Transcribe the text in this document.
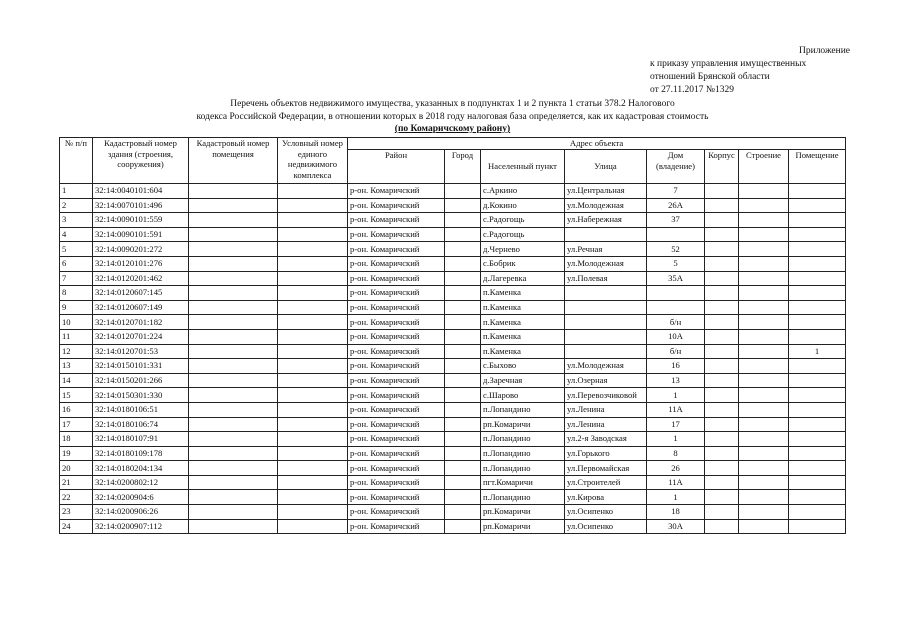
Приложение
к приказу управления имущественных
отношений Брянской области
от 27.11.2017 №1329
Перечень объектов недвижимого имущества, указанных в подпунктах 1 и 2 пункта 1 статьи 378.2 Налогового
кодекса Российской Федерации, в отношении которых в 2018 году налоговая база определяется, как их кадастровая стоимость
(по Комаричскому району)
№ п/п	Кадастровый номер здания (строения, сооружения)	Кадастровый номер помещения	Условный номер единого недвижимого комплекса	Адрес объекта							
				Район	Город	Населенный пункт	Улица	Дом (владение)	Корпус	Строение	Помещение
1	32:14:0040101:604			р-он. Комаричский		с.Аркино	ул.Центральная	7			
2	32:14:0070101:496			р-он. Комаричский		д.Кокино	ул.Молодежная	26А			
3	32:14:0090101:559			р-он. Комаричский		с.Радогощь	ул.Набережная	37			
4	32:14:0090101:591			р-он. Комаричский		с.Радогощь					
5	32:14:0090201:272			р-он. Комаричский		д.Чернево	ул.Речная	52			
6	32:14:0120101:276			р-он. Комаричский		с.Бобрик	ул.Молодежная	5			
7	32:14:0120201:462			р-он. Комаричский		д.Лагеревка	ул.Полевая	35А			
8	32:14:0120607:145			р-он. Комаричский		п.Каменка					
9	32:14:0120607:149			р-он. Комаричский		п.Каменка					
10	32:14:0120701:182			р-он. Комаричский		п.Каменка		б/н			
11	32:14:0120701:224			р-он. Комаричский		п.Каменка		10А			
12	32:14:0120701:53			р-он. Комаричский		п.Каменка		б/н			1
13	32:14:0150101:331			р-он. Комаричский		с.Быхово	ул.Молодежная	16			
14	32:14:0150201:266			р-он. Комаричский		д.Заречная	ул.Озерная	13			
15	32:14:0150301:330			р-он. Комаричский		с.Шарово	ул.Перевозчиковой	1			
16	32:14:0180106:51			р-он. Комаричский		п.Лопандино	ул.Ленина	11А			
17	32:14:0180106:74			р-он. Комаричский		рп.Комаричи	ул.Ленина	17			
18	32:14:0180107:91			р-он. Комаричский		п.Лопандино	ул.2-я Заводская	1			
19	32:14:0180109:178			р-он. Комаричский		п.Лопандино	ул.Горького	8			
20	32:14:0180204:134			р-он. Комаричский		п.Лопандино	ул.Первомайская	26			
21	32:14:0200802:12			р-он. Комаричский		пгт.Комаричи	ул.Строителей	11А			
22	32:14:0200904:6			р-он. Комаричский		п.Лопандино	ул.Кирова	1			
23	32:14:0200906:26			р-он. Комаричский		рп.Комаричи	ул.Осипенко	18			
24	32:14:0200907:112			р-он. Комаричский		рп.Комаричи	ул.Осипенко	30А			
